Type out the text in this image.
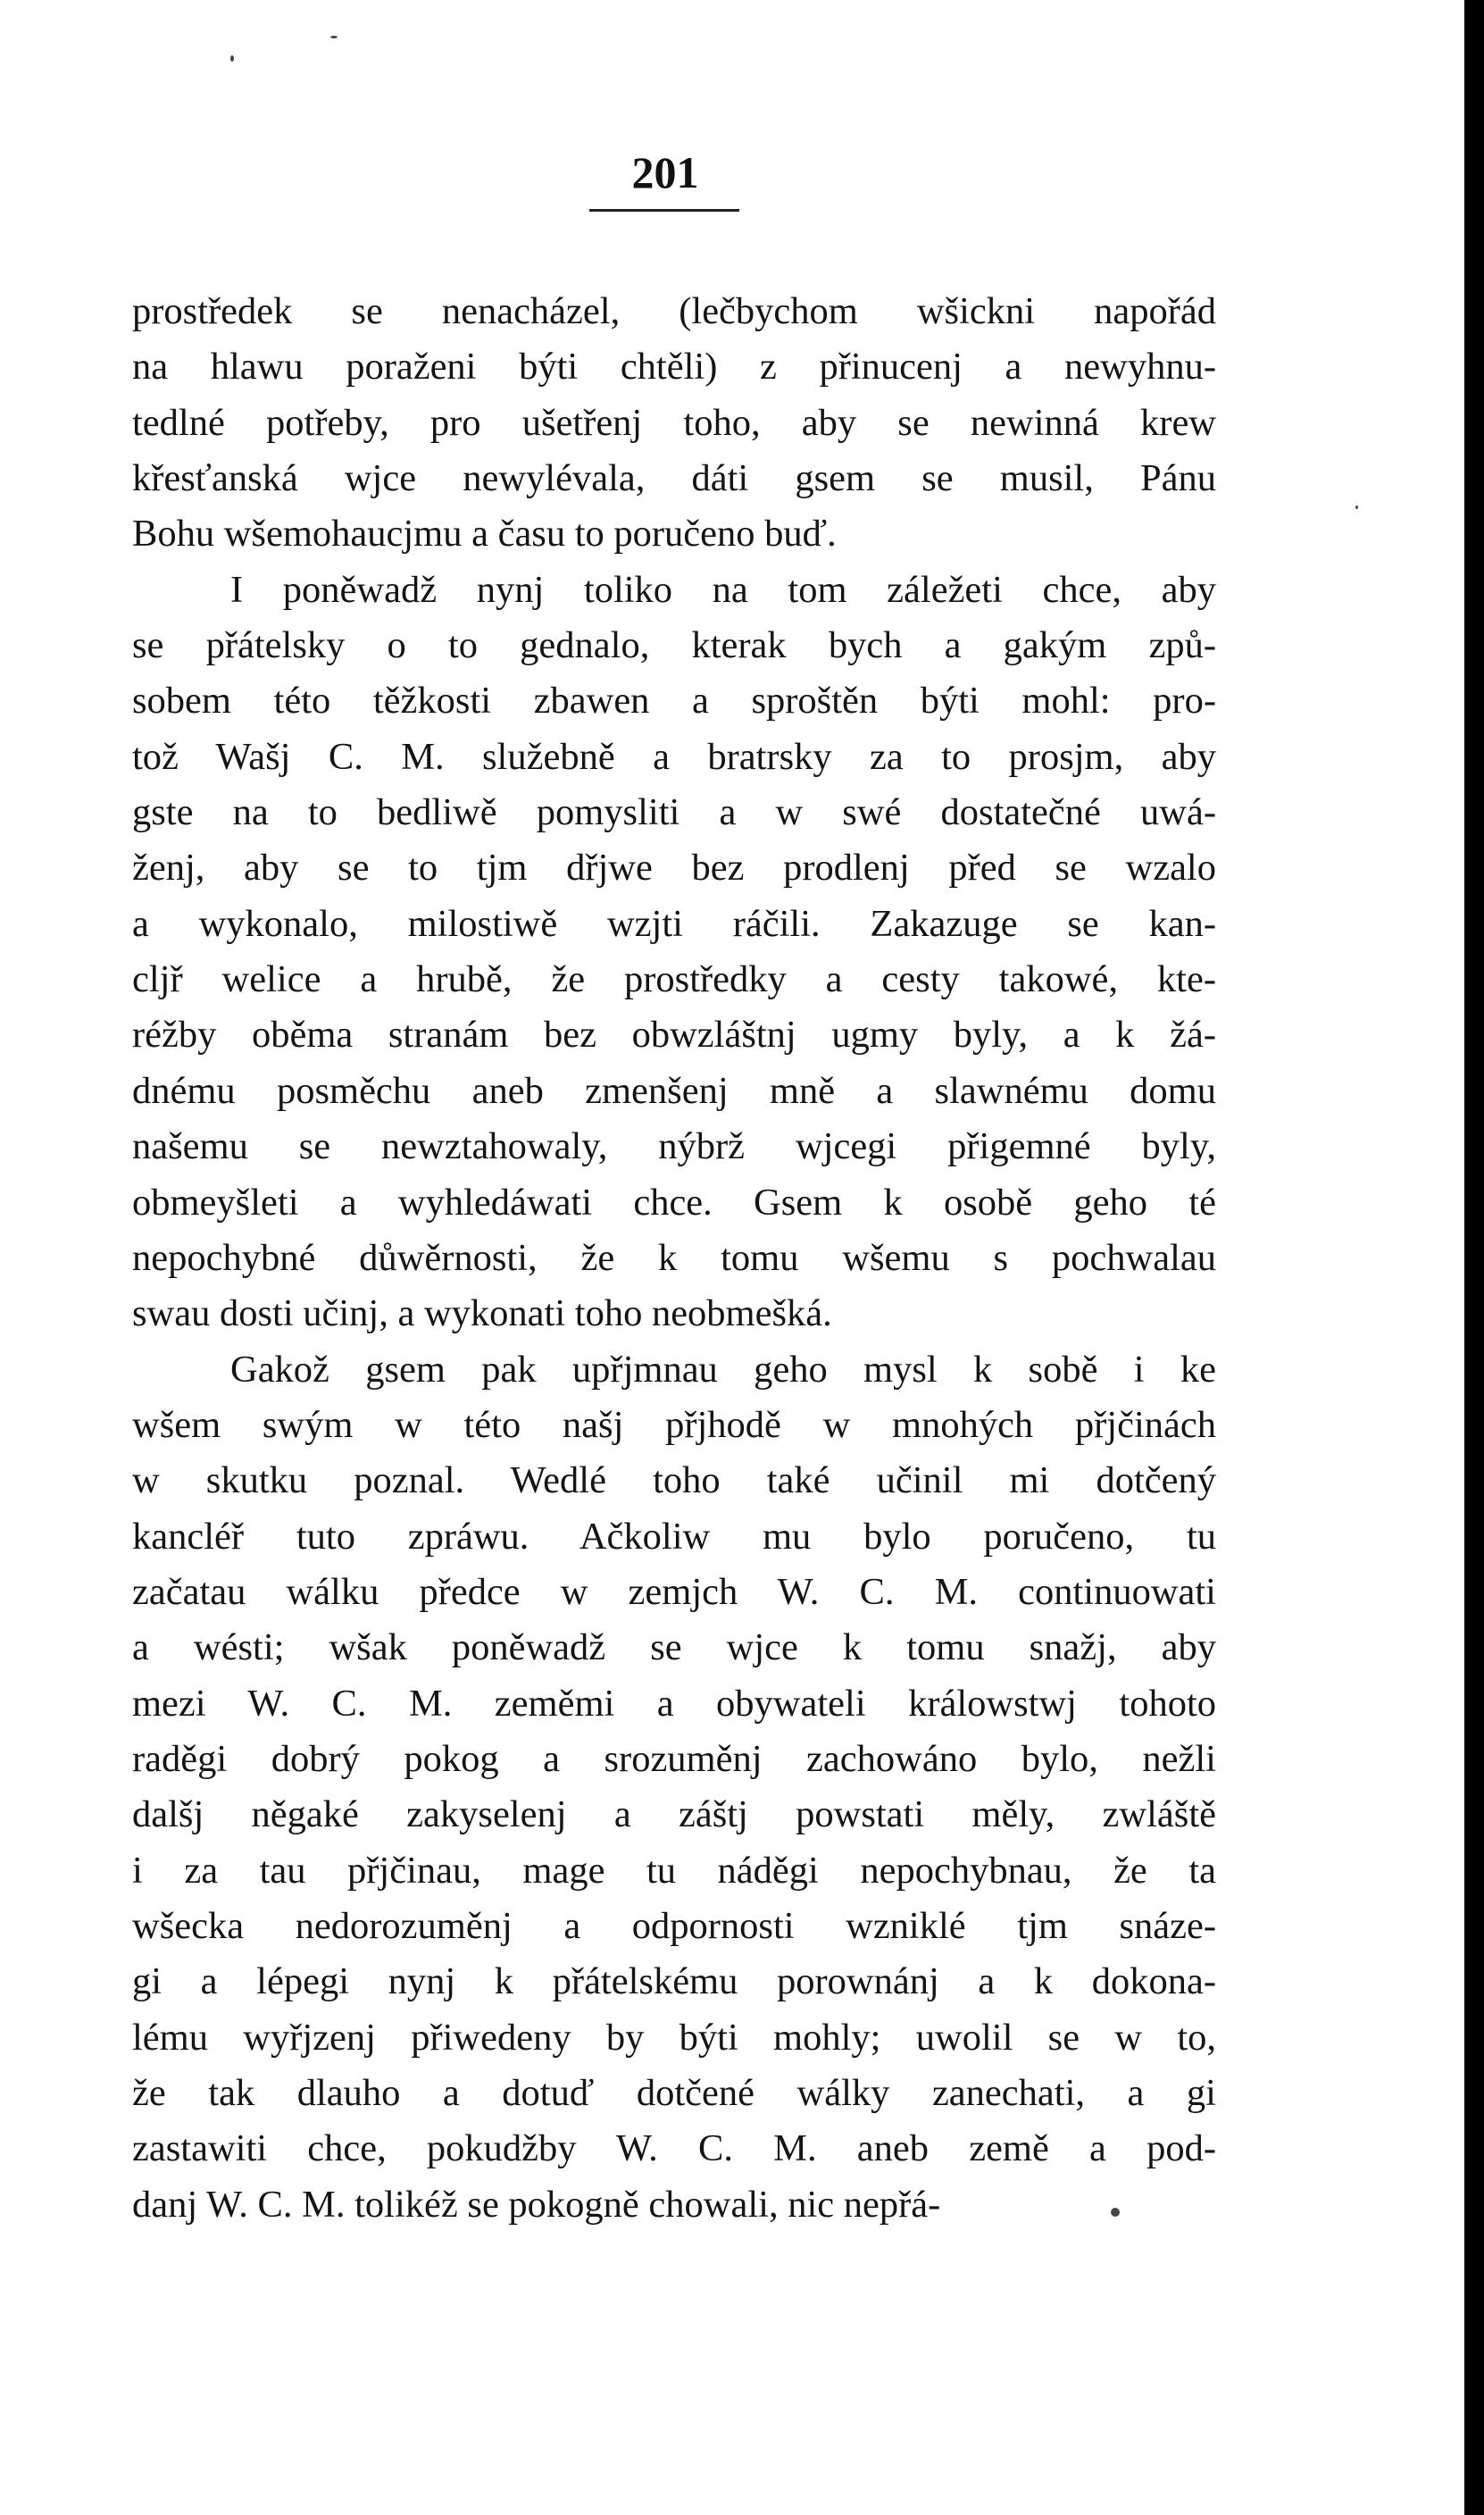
201
prostředek se nenacházel, (lečbychom wšickni napořád
na hlawu poraženi býti chtěli) z přinucenj a newyhnu-
tedlné potřeby, pro ušetřenj toho, aby se newinná krew
křesťanská wjce newylévala, dáti gsem se musil, Pánu
Bohu wšemohaucjmu a času to poručeno buď.
I poněwadž nynj toliko na tom záležeti chce, aby
se přátelsky o to gednalo, kterak bych a gakým způ-
sobem této těžkosti zbawen a sproštěn býti mohl: pro-
tož Wašj C. M. služebně a bratrsky za to prosjm, aby
gste na to bedliwě pomysliti a w swé dostatečné uwá-
ženj, aby se to tjm dřjwe bez prodlenj před se wzalo
a wykonalo, milostiwě wzjti ráčili. Zakazuge se kan-
cljř welice a hrubě, že prostředky a cesty takowé, kte-
réžby oběma stranám bez obwzláštnj ugmy byly, a k žá-
dnému posměchu aneb zmenšenj mně a slawnému domu
našemu se newztahowaly, nýbrž wjcegi přigemné byly,
obmeyšleti a wyhledáwati chce. Gsem k osobě geho té
nepochybné důwěrnosti, že k tomu wšemu s pochwalau
swau dosti učinj, a wykonati toho neobmešká.
Gakož gsem pak upřjmnau geho mysl k sobě i ke
wšem swým w této našj přjhodě w mnohých přjčinách
w skutku poznal. Wedlé toho také učinil mi dotčený
kancléř tuto zpráwu. Ačkoliw mu bylo poručeno, tu
začatau wálku předce w zemjch W. C. M. continuowati
a wésti; wšak poněwadž se wjce k tomu snažj, aby
mezi W. C. M. zeměmi a obywateli králowstwj tohoto
raděgi dobrý pokog a srozuměnj zachowáno bylo, nežli
dalšj něgaké zakyselenj a záštj powstati měly, zwláště
i za tau přjčinau, mage tu náděgi nepochybnau, že ta
wšecka nedorozuměnj a odpornosti wzniklé tjm snáze-
gi a lépegi nynj k přátelskému porownánj a k dokona-
lému wyřjzenj přiwedeny by býti mohly; uwolil se w to,
že tak dlauho a dotuď dotčené wálky zanechati, a gi
zastawiti chce, pokudžby W. C. M. aneb země a pod-
danj W. C. M. tolikéž se pokogně chowali, nic nepřá-
